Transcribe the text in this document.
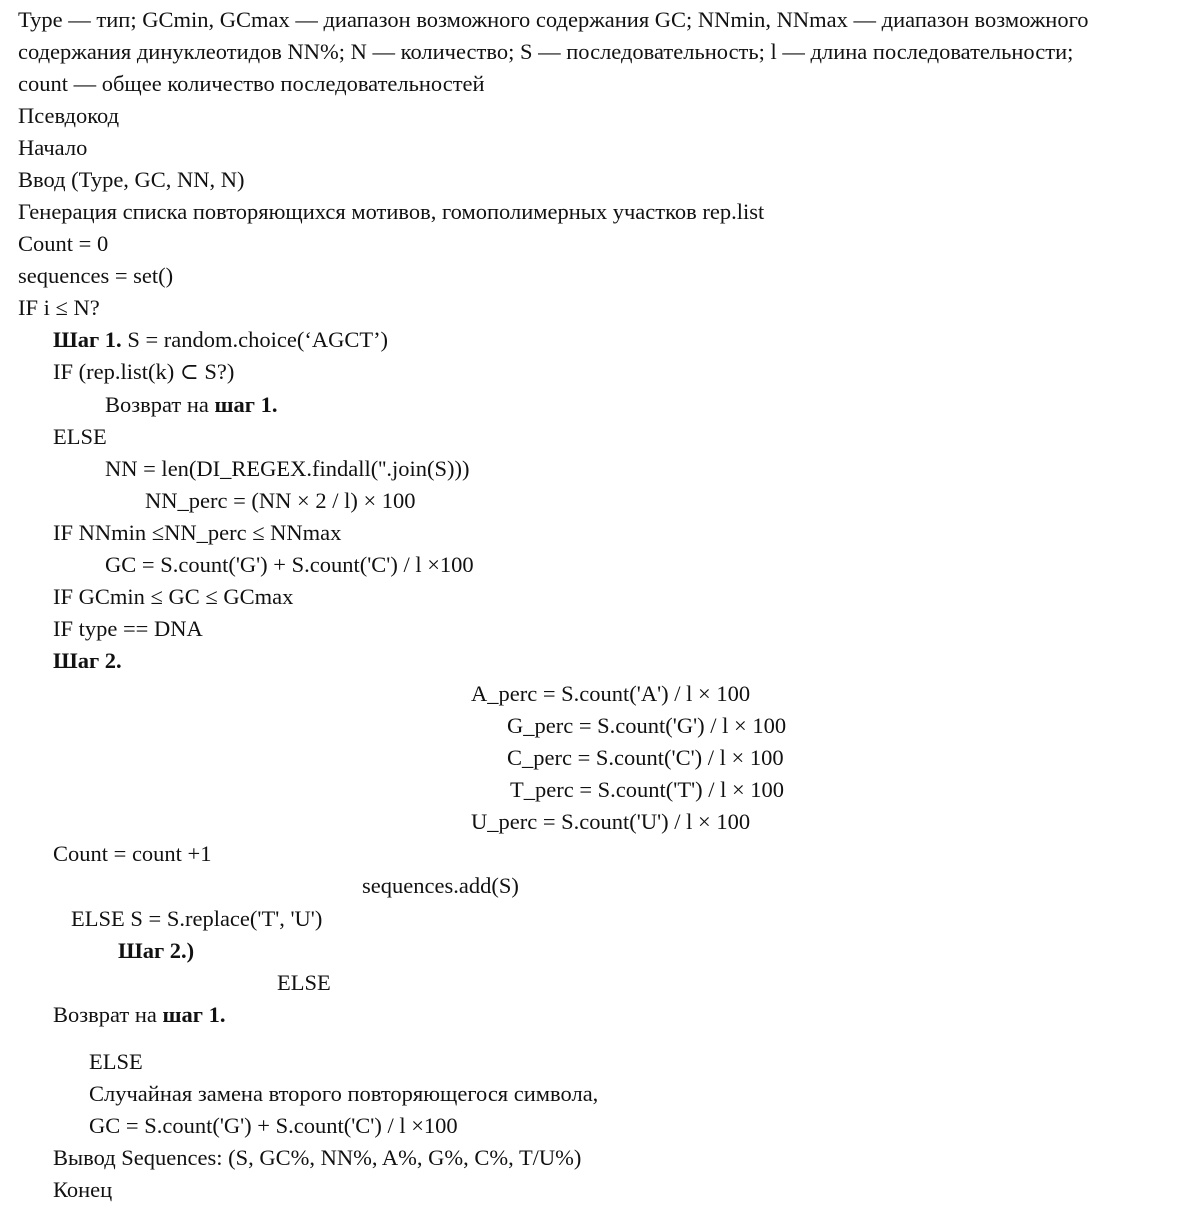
Type — тип; GCmin, GCmax — диапазон возможного содержания GC; NNmin, NNmax — диапазон возможного
содержания динуклеотидов NN%; N — количество; S — последовательность; l — длина последовательности;
count — общее количество последовательностей
Псевдокод
Начало
Ввод (Type, GC, NN, N)
Генерация списка повторяющихся мотивов, гомополимерных участков rep.list
Count = 0
sequences = set()
IF i ≤ N?
Шаг 1. S = random.choice(‘AGCT’)
IF (rep.list(k) ⊂ S?)
Возврат на шаг 1.
ELSE
NN = len(DI_REGEX.findall(''.join(S)))
NN_perc = (NN × 2 / l) × 100
IF NNmin ≤NN_perc ≤ NNmax
GC = S.count('G') + S.count('C') / l ×100
IF GCmin ≤ GC ≤ GCmax
IF type == DNA
Шаг 2.
A_perc = S.count('A') / l × 100
G_perc = S.count('G') / l × 100
C_perc = S.count('C') / l × 100
T_perc = S.count('T') / l × 100
U_perc = S.count('U') / l × 100
Count = count +1
sequences.add(S)
ELSE S = S.replace('T', 'U')
Шаг 2.)
ELSE
Возврат на шаг 1.
ELSE
Случайная замена второго повторяющегося символа,
GC = S.count('G') + S.count('C') / l ×100
Вывод Sequences: (S, GC%, NN%, A%, G%, C%, T/U%)
Конец
